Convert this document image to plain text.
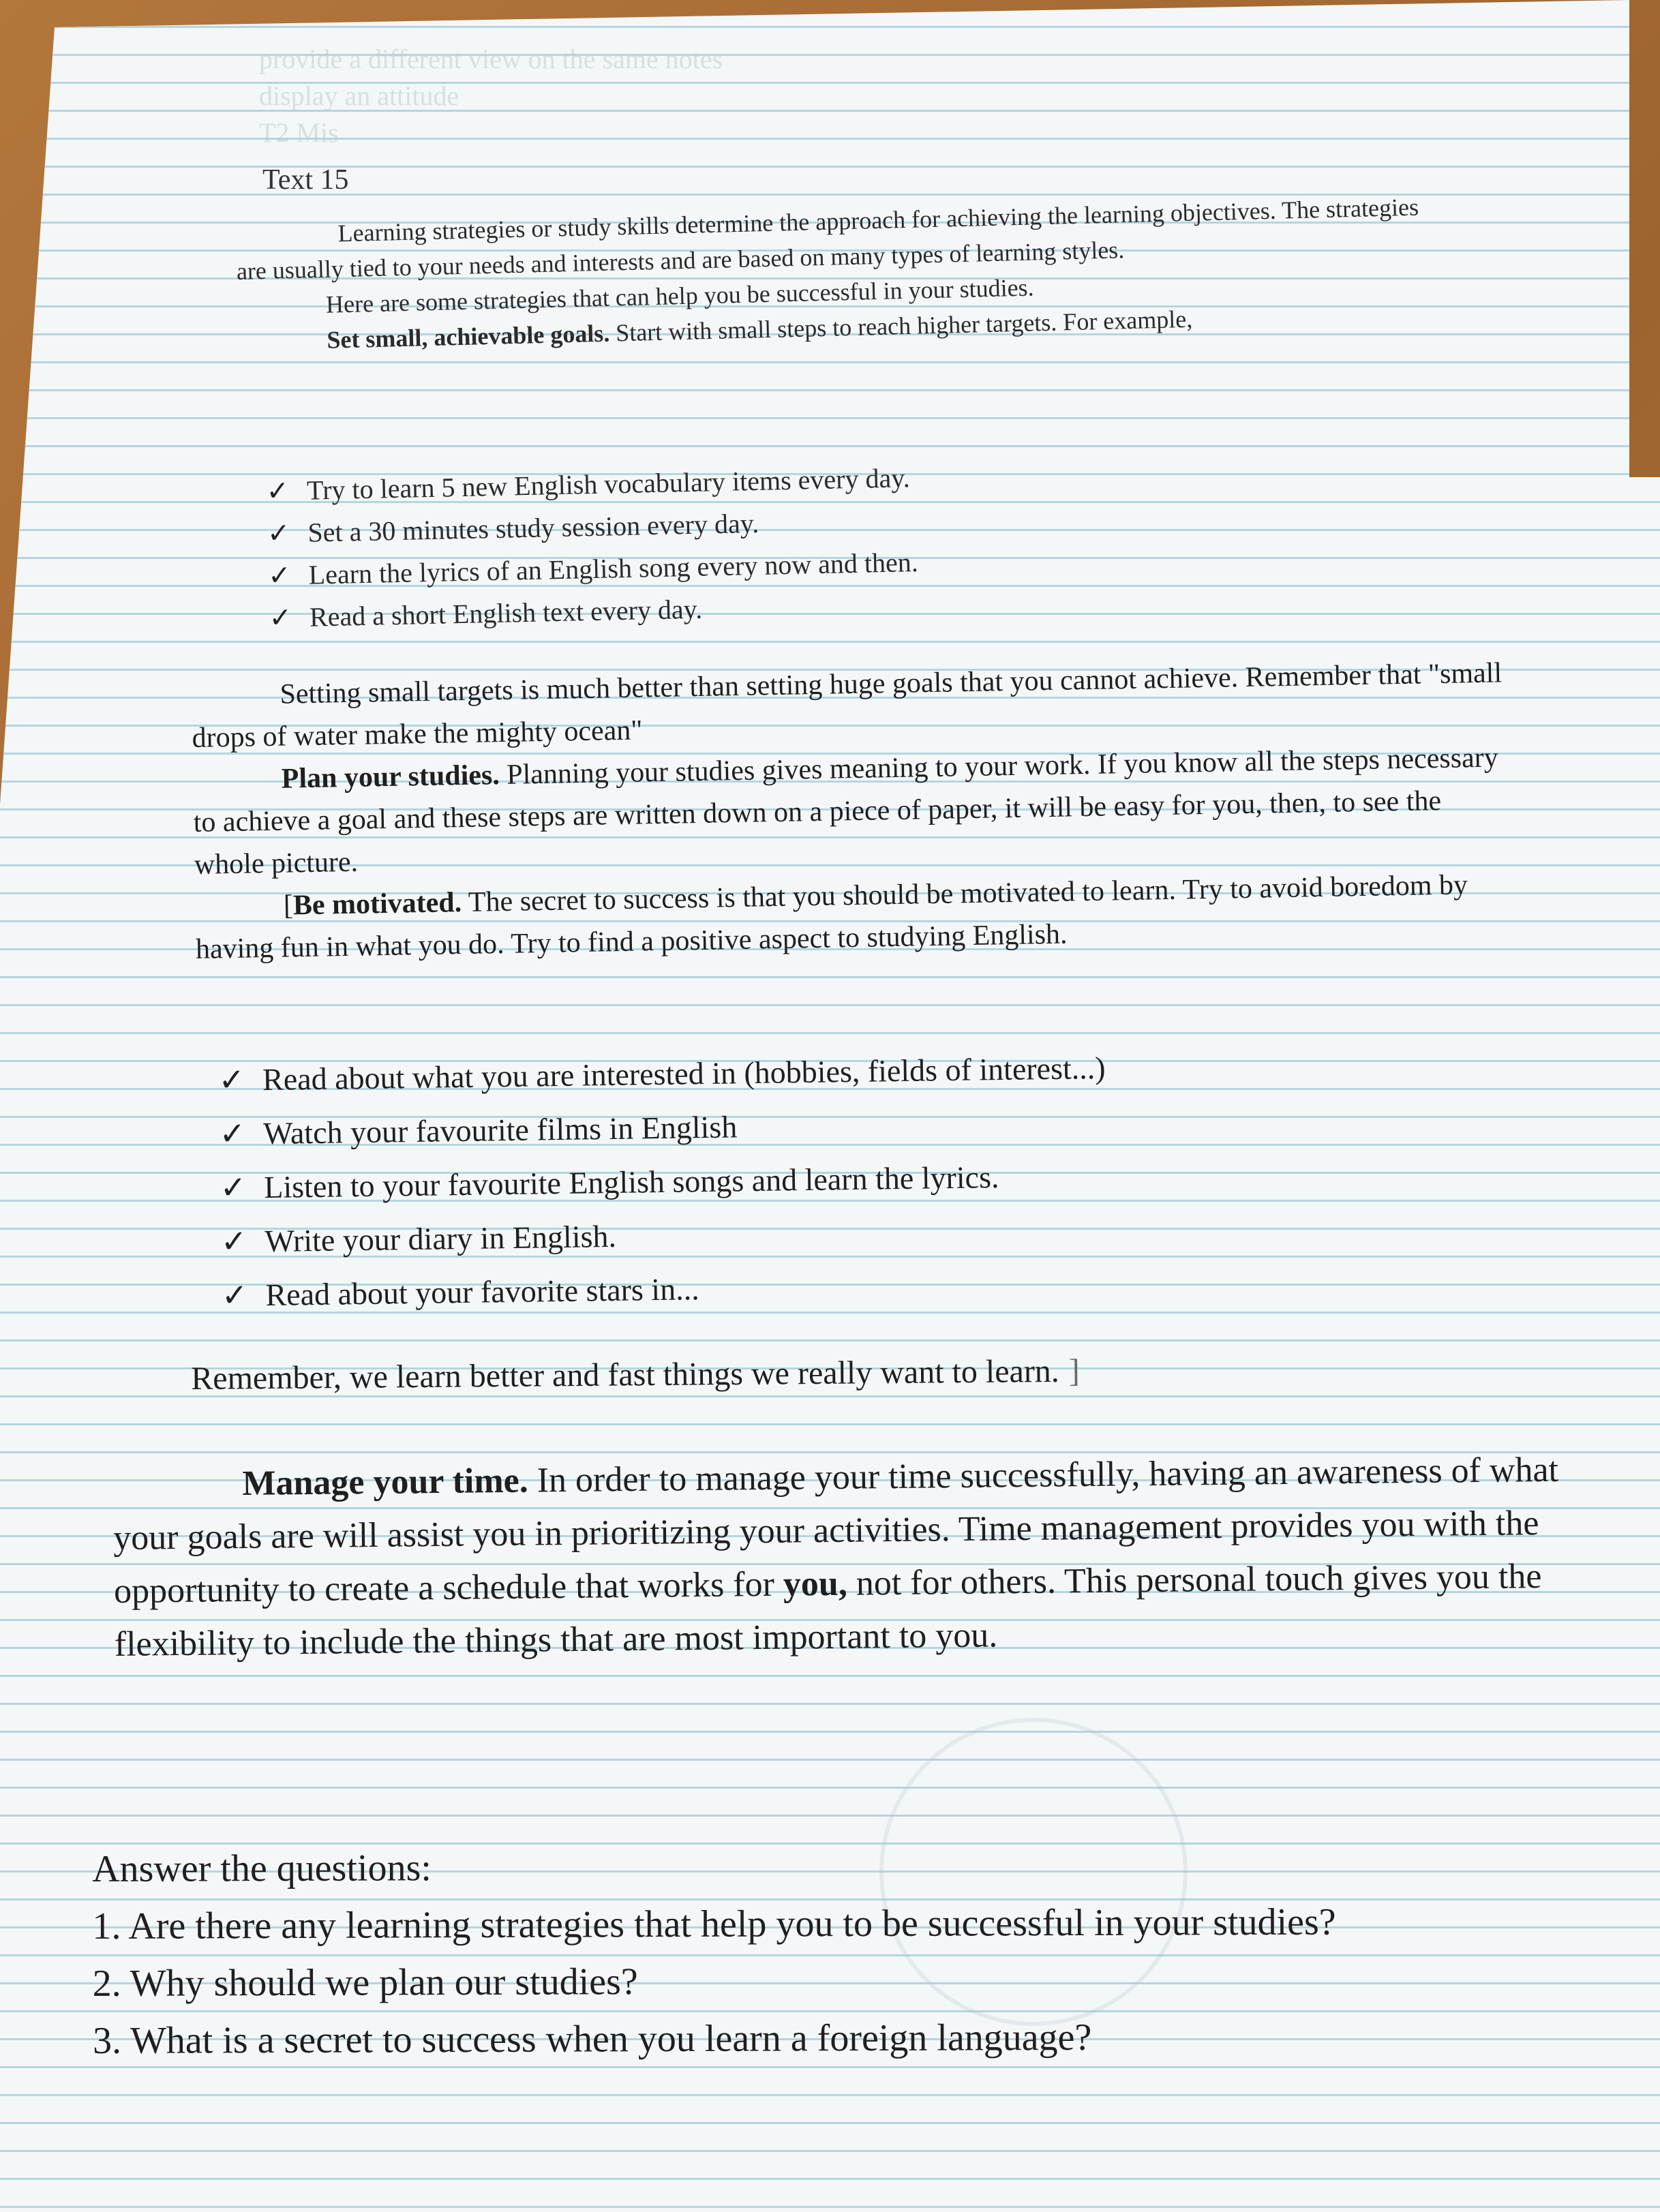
provide a different view on the same notes
display an attitude
T2 Mis
Text 15

Learning strategies or study skills determine the approach for achieving the learning objectives. The strategies are usually tied to your needs and interests and are based on many types of learning styles.

Here are some strategies that can help you be successful in your studies.

Set small, achievable goals. Start with small steps to reach higher targets. For example,

✓ Try to learn 5 new English vocabulary items every day.
✓ Set a 30 minutes study session every day.
✓ Learn the lyrics of an English song every now and then.
✓ Read a short English text every day.

Setting small targets is much better than setting huge goals that you cannot achieve. Remember that "small drops of water make the mighty ocean"

Plan your studies. Planning your studies gives meaning to your work. If you know all the steps necessary to achieve a goal and these steps are written down on a piece of paper, it will be easy for you, then, to see the whole picture.

[Be motivated. The secret to success is that you should be motivated to learn. Try to avoid boredom by having fun in what you do. Try to find a positive aspect to studying English.

✓ Read about what you are interested in (hobbies, fields of interest...)
✓ Watch your favourite films in English
✓ Listen to your favourite English songs and learn the lyrics.
✓ Write your diary in English.
✓ Read about your favorite stars in...
Remember, we learn better and fast things we really want to learn. ]

Manage your time. In order to manage your time successfully, having an awareness of what your goals are will assist you in prioritizing your activities. Time management provides you with the opportunity to create a schedule that works for you, not for others. This personal touch gives you the flexibility to include the things that are most important to you.

Answer the questions:

1. Are there any learning strategies that help you to be successful in your studies?

2. Why should we plan our studies?

3. What is a secret to success when you learn a foreign language?
